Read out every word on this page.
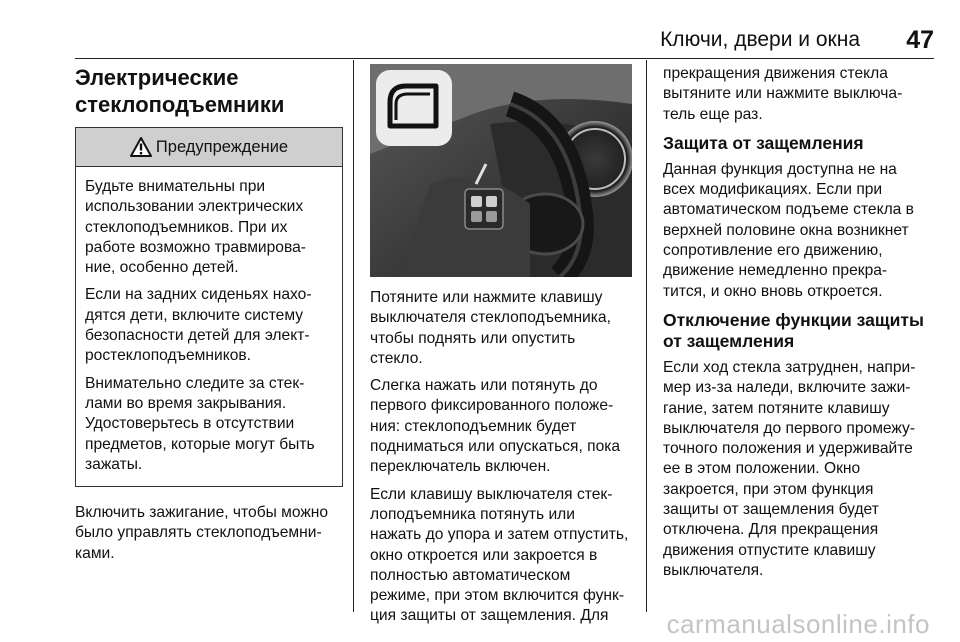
Ключи, двери и окна 47
Электрические
стеклоподъемники
Предупреждение
Будьте внимательны при
использовании электрических
стеклоподъемников. При их
работе возможно травмирова-
ние, особенно детей.
Если на задних сиденьях нахо-
дятся дети, включите систему
безопасности детей для элект-
ростеклоподъемников.
Внимательно следите за стек-
лами во время закрывания.
Удостоверьтесь в отсутствии
предметов, которые могут быть
зажаты.
Включить зажигание, чтобы можно
было управлять стеклоподъемни-
ками.
Потяните или нажмите клавишу
выключателя стеклоподъемника,
чтобы поднять или опустить
стекло.
Слегка нажать или потянуть до
первого фиксированного положе-
ния: стеклоподъемник будет
подниматься или опускаться, пока
переключатель включен.
Если клавишу выключателя стек-
лоподъемника потянуть или
нажать до упора и затем отпустить,
окно откроется или закроется в
полностью автоматическом
режиме, при этом включится функ-
ция защиты от защемления. Для
прекращения движения стекла
вытяните или нажмите выключа-
тель еще раз.
Защита от защемления
Данная функция доступна не на
всех модификациях. Если при
автоматическом подъеме стекла в
верхней половине окна возникнет
сопротивление его движению,
движение немедленно прекра-
тится, и окно вновь откроется.
Отключение функции защиты
от защемления
Если ход стекла затруднен, напри-
мер из-за наледи, включите зажи-
гание, затем потяните клавишу
выключателя до первого промежу-
точного положения и удерживайте
ее в этом положении. Окно
закроется, при этом функция
защиты от защемления будет
отключена. Для прекращения
движения отпустите клавишу
выключателя.
carmanualsonline.info
